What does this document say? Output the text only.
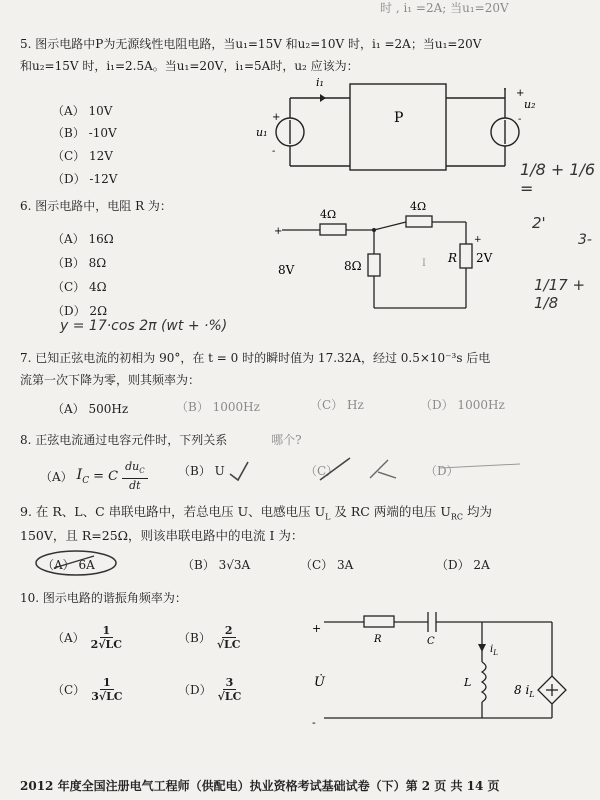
时 , i₁ =2A; 当u₁=20V
5. 图示电路中P为无源线性电阻电路，当u₁=15V 和u₂=10V 时，i₁ =2A；当u₁=20V
和u₂=15V 时，i₁=2.5A。当u₁=20V，i₁=5A时，u₂ 应该为：
（A） 10V
（B） -10V
（C） 12V
（D） -12V
i₁
P
u₁
+
-
u₂
+
-
6. 图示电路中，电阻 R 为：
（A） 16Ω
（B） 8Ω
（C） 4Ω
（D） 2Ω
+
4Ω
4Ω
8V	8Ω
R 2V
+
I
1/8 + 1/6 =
2'
3-
1/17 + 1/8
y = 17·cos 2π (wt + ·%)
7. 已知正弦电流的初相为 90°，在 t = 0 时的瞬时值为 17.32A，经过 0.5×10⁻³s 后电
流第一次下降为零，则其频率为：
（A） 500Hz	（B） 1000Hz	（C） Hz	（D） 1000Hz
8. 正弦电流通过电容元件时，下列关系	哪个?
（A） $I_C = C \frac{du_C}{dt}$	（B） U	（C）	（D）
9. 在 R、L、C 串联电路中，若总电压 U、电感电压 $U_L$ 及 RC 两端的电压 $U_{RC}$ 均为
150V，且 R=25Ω，则该串联电路中的电流 I 为：
（A） 6A	（B） 3√3A	（C） 3A	（D） 2A
10. 图示电路的谐振角频率为：
$(A) \frac{1}{2√LC}$	$(B) \frac{2}{√LC}$
$(C) \frac{1}{3√LC}$	$(D) \frac{3}{√LC}$
+
-
U̇
R	C
L
$i_L$
8 $i_L$
2012 年度全国注册电气工程师（供配电）执业资格考试基础试卷（下）第 2 页 共 14 页
